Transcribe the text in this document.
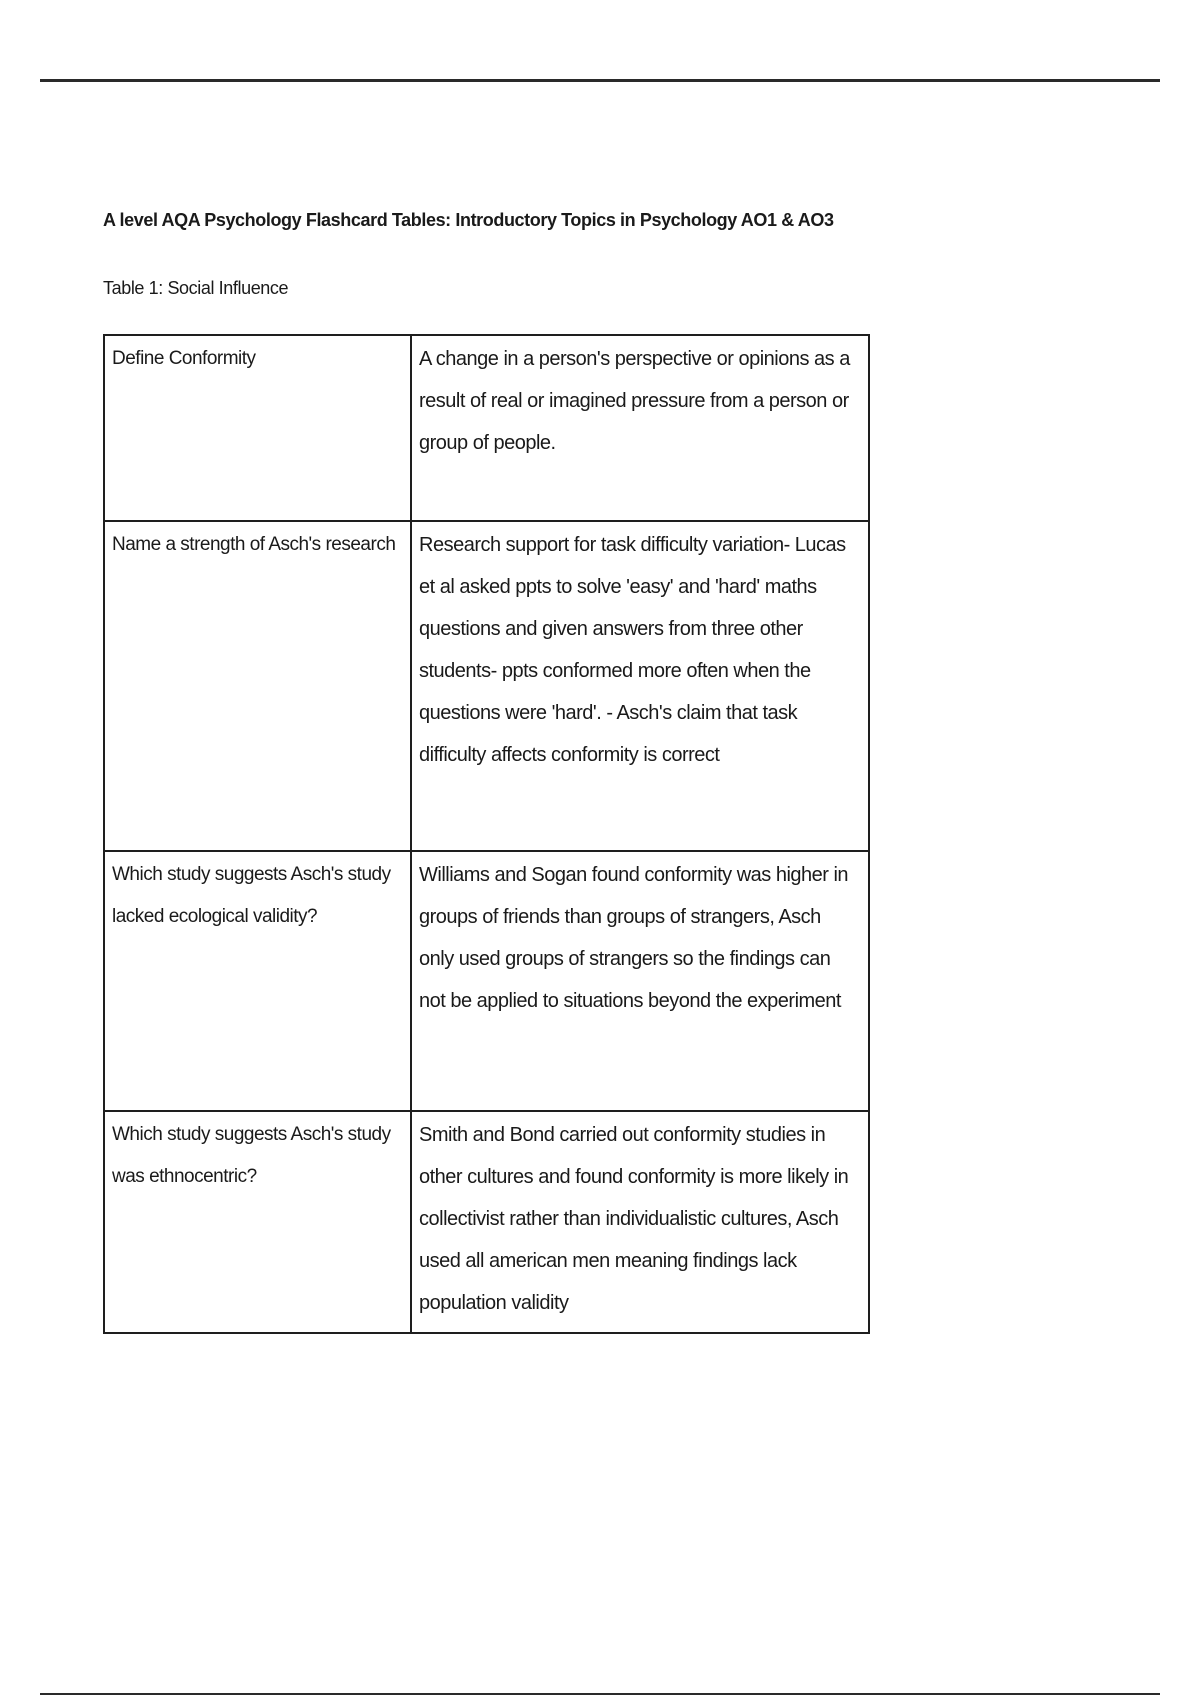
A level AQA Psychology Flashcard Tables: Introductory Topics in Psychology AO1 & AO3
Table 1: Social Influence
Define Conformity	A change in a person's perspective or opinions as a result of real or imagined pressure from a person or group of people.
Name a strength of Asch's research	Research support for task difficulty variation- Lucas et al asked ppts to solve 'easy' and 'hard' maths questions and given answers from three other students- ppts conformed more often when the questions were 'hard'. - Asch's claim that task difficulty affects conformity is correct
Which study suggests Asch's study lacked ecological validity?	Williams and Sogan found conformity was higher in groups of friends than groups of strangers, Asch only used groups of strangers so the findings can not be applied to situations beyond the experiment
Which study suggests Asch's study was ethnocentric?	Smith and Bond carried out conformity studies in other cultures and found conformity is more likely in collectivist rather than individualistic cultures, Asch used all american men meaning findings lack population validity
